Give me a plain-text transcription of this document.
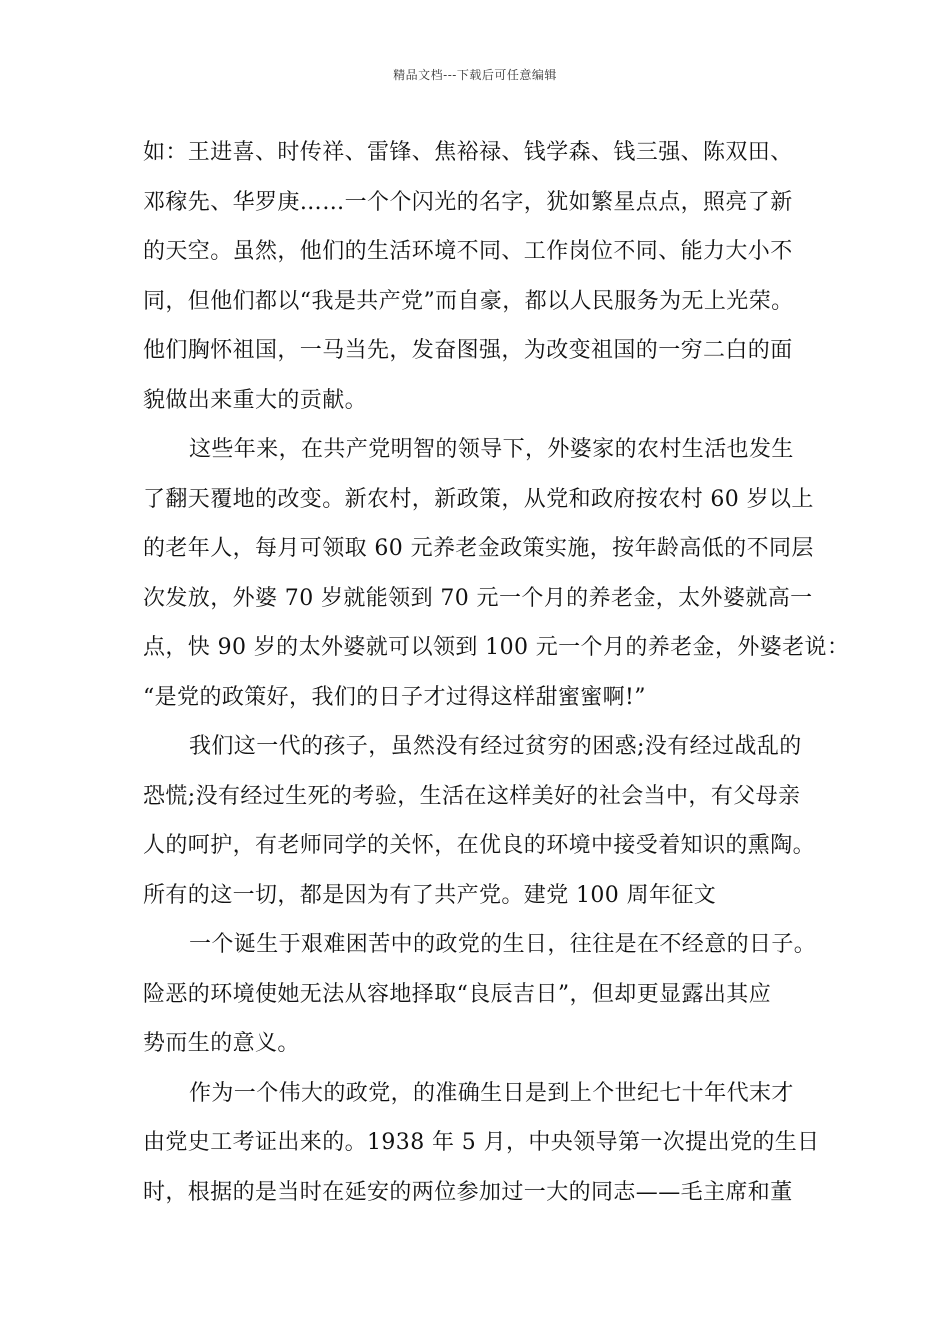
精品文档---下载后可任意编辑
如：王进喜、时传祥、雷锋、焦裕禄、钱学森、钱三强、陈双田、
邓稼先、华罗庚……一个个闪光的名字，犹如繁星点点，照亮了新
的天空。虽然，他们的生活环境不同、工作岗位不同、能力大小不
同，但他们都以“我是共产党”而自豪，都以人民服务为无上光荣。
他们胸怀祖国，一马当先，发奋图强，为改变祖国的一穷二白的面
貌做出来重大的贡献。
这些年来，在共产党明智的领导下，外婆家的农村生活也发生
了翻天覆地的改变。新农村，新政策，从党和政府按农村 60 岁以上
的老年人，每月可领取 60 元养老金政策实施，按年龄高低的不同层
次发放，外婆 70 岁就能领到 70 元一个月的养老金，太外婆就高一
点，快 90 岁的太外婆就可以领到 100 元一个月的养老金，外婆老说：
“是党的政策好，我们的日子才过得这样甜蜜蜜啊!”
我们这一代的孩子，虽然没有经过贫穷的困惑;没有经过战乱的
恐慌;没有经过生死的考验，生活在这样美好的社会当中，有父母亲
人的呵护，有老师同学的关怀，在优良的环境中接受着知识的熏陶。
所有的这一切，都是因为有了共产党。建党 100 周年征文
一个诞生于艰难困苦中的政党的生日，往往是在不经意的日子。
险恶的环境使她无法从容地择取“良辰吉日”，但却更显露出其应
势而生的意义。
作为一个伟大的政党，的准确生日是到上个世纪七十年代末才
由党史工考证出来的。1938 年 5 月，中央领导第一次提出党的生日
时，根据的是当时在延安的两位参加过一大的同志——毛主席和董
